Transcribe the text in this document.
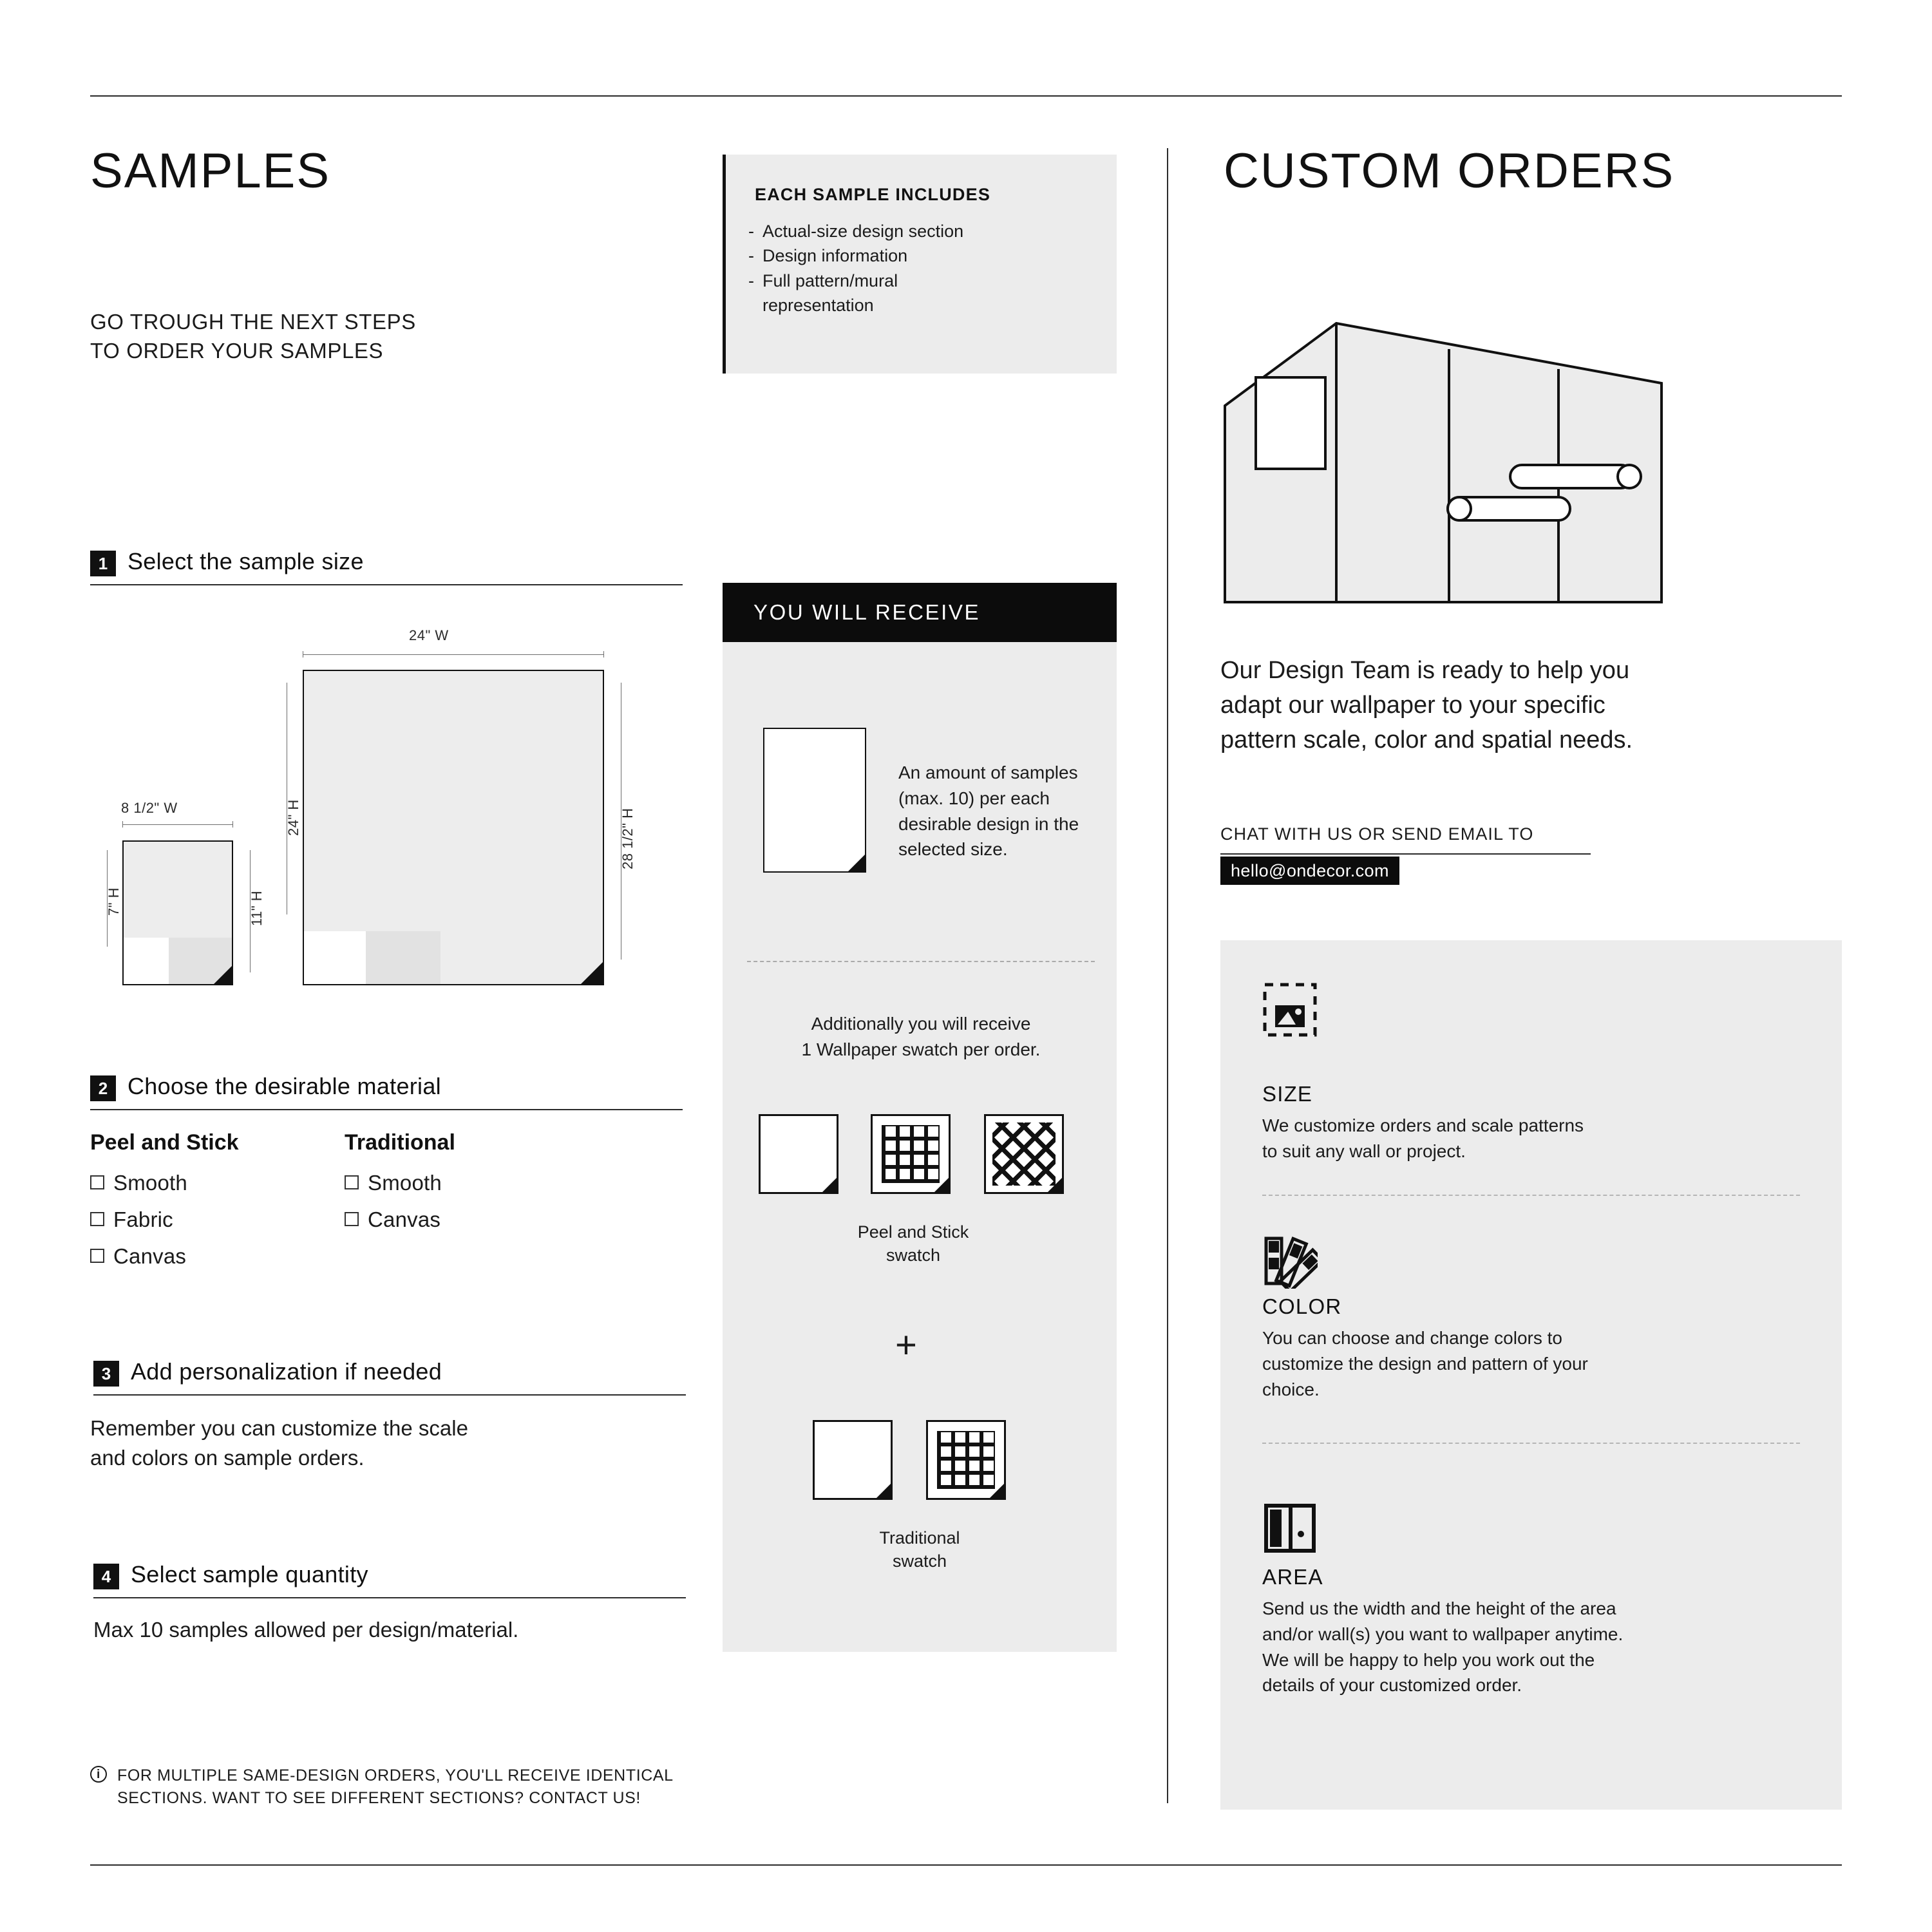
SAMPLES
GO TROUGH THE NEXT STEPS
TO ORDER YOUR SAMPLES
EACH SAMPLE INCLUDES
- Actual-size design section
- Design information
- Full pattern/mural
representation
1 Select the sample size
8 1/2" W
7" H	11" H
24" W
24" H	28 1/2" H
2 Choose the desirable material
Peel and Stick
Smooth
Fabric
Canvas
Traditional
Smooth
Canvas
3 Add personalization if needed
Remember you can customize the scale
and colors on sample orders.
4 Select sample quantity
Max 10 samples allowed per design/material.
i	FOR MULTIPLE SAME-DESIGN ORDERS, YOU'LL RECEIVE IDENTICAL
SECTIONS. WANT TO SEE DIFFERENT SECTIONS? CONTACT US!
YOU WILL RECEIVE
An amount of samples (max. 10) per each desirable design in the selected size.
Additionally you will receive
1 Wallpaper swatch per order.
Peel and Stick
swatch
+
Traditional
swatch
CUSTOM ORDERS
Our Design Team is ready to help you
adapt our wallpaper to your specific
pattern scale, color and spatial needs.
CHAT WITH US OR SEND EMAIL TO
hello@ondecor.com
SIZE
We customize orders and scale patterns
to suit any wall or project.
COLOR
You can choose and change colors to
customize the design and pattern of your
choice.
AREA
Send us the width and the height of the area
and/or wall(s) you want to wallpaper anytime.
We will be happy to help you work out the
details of your customized order.
